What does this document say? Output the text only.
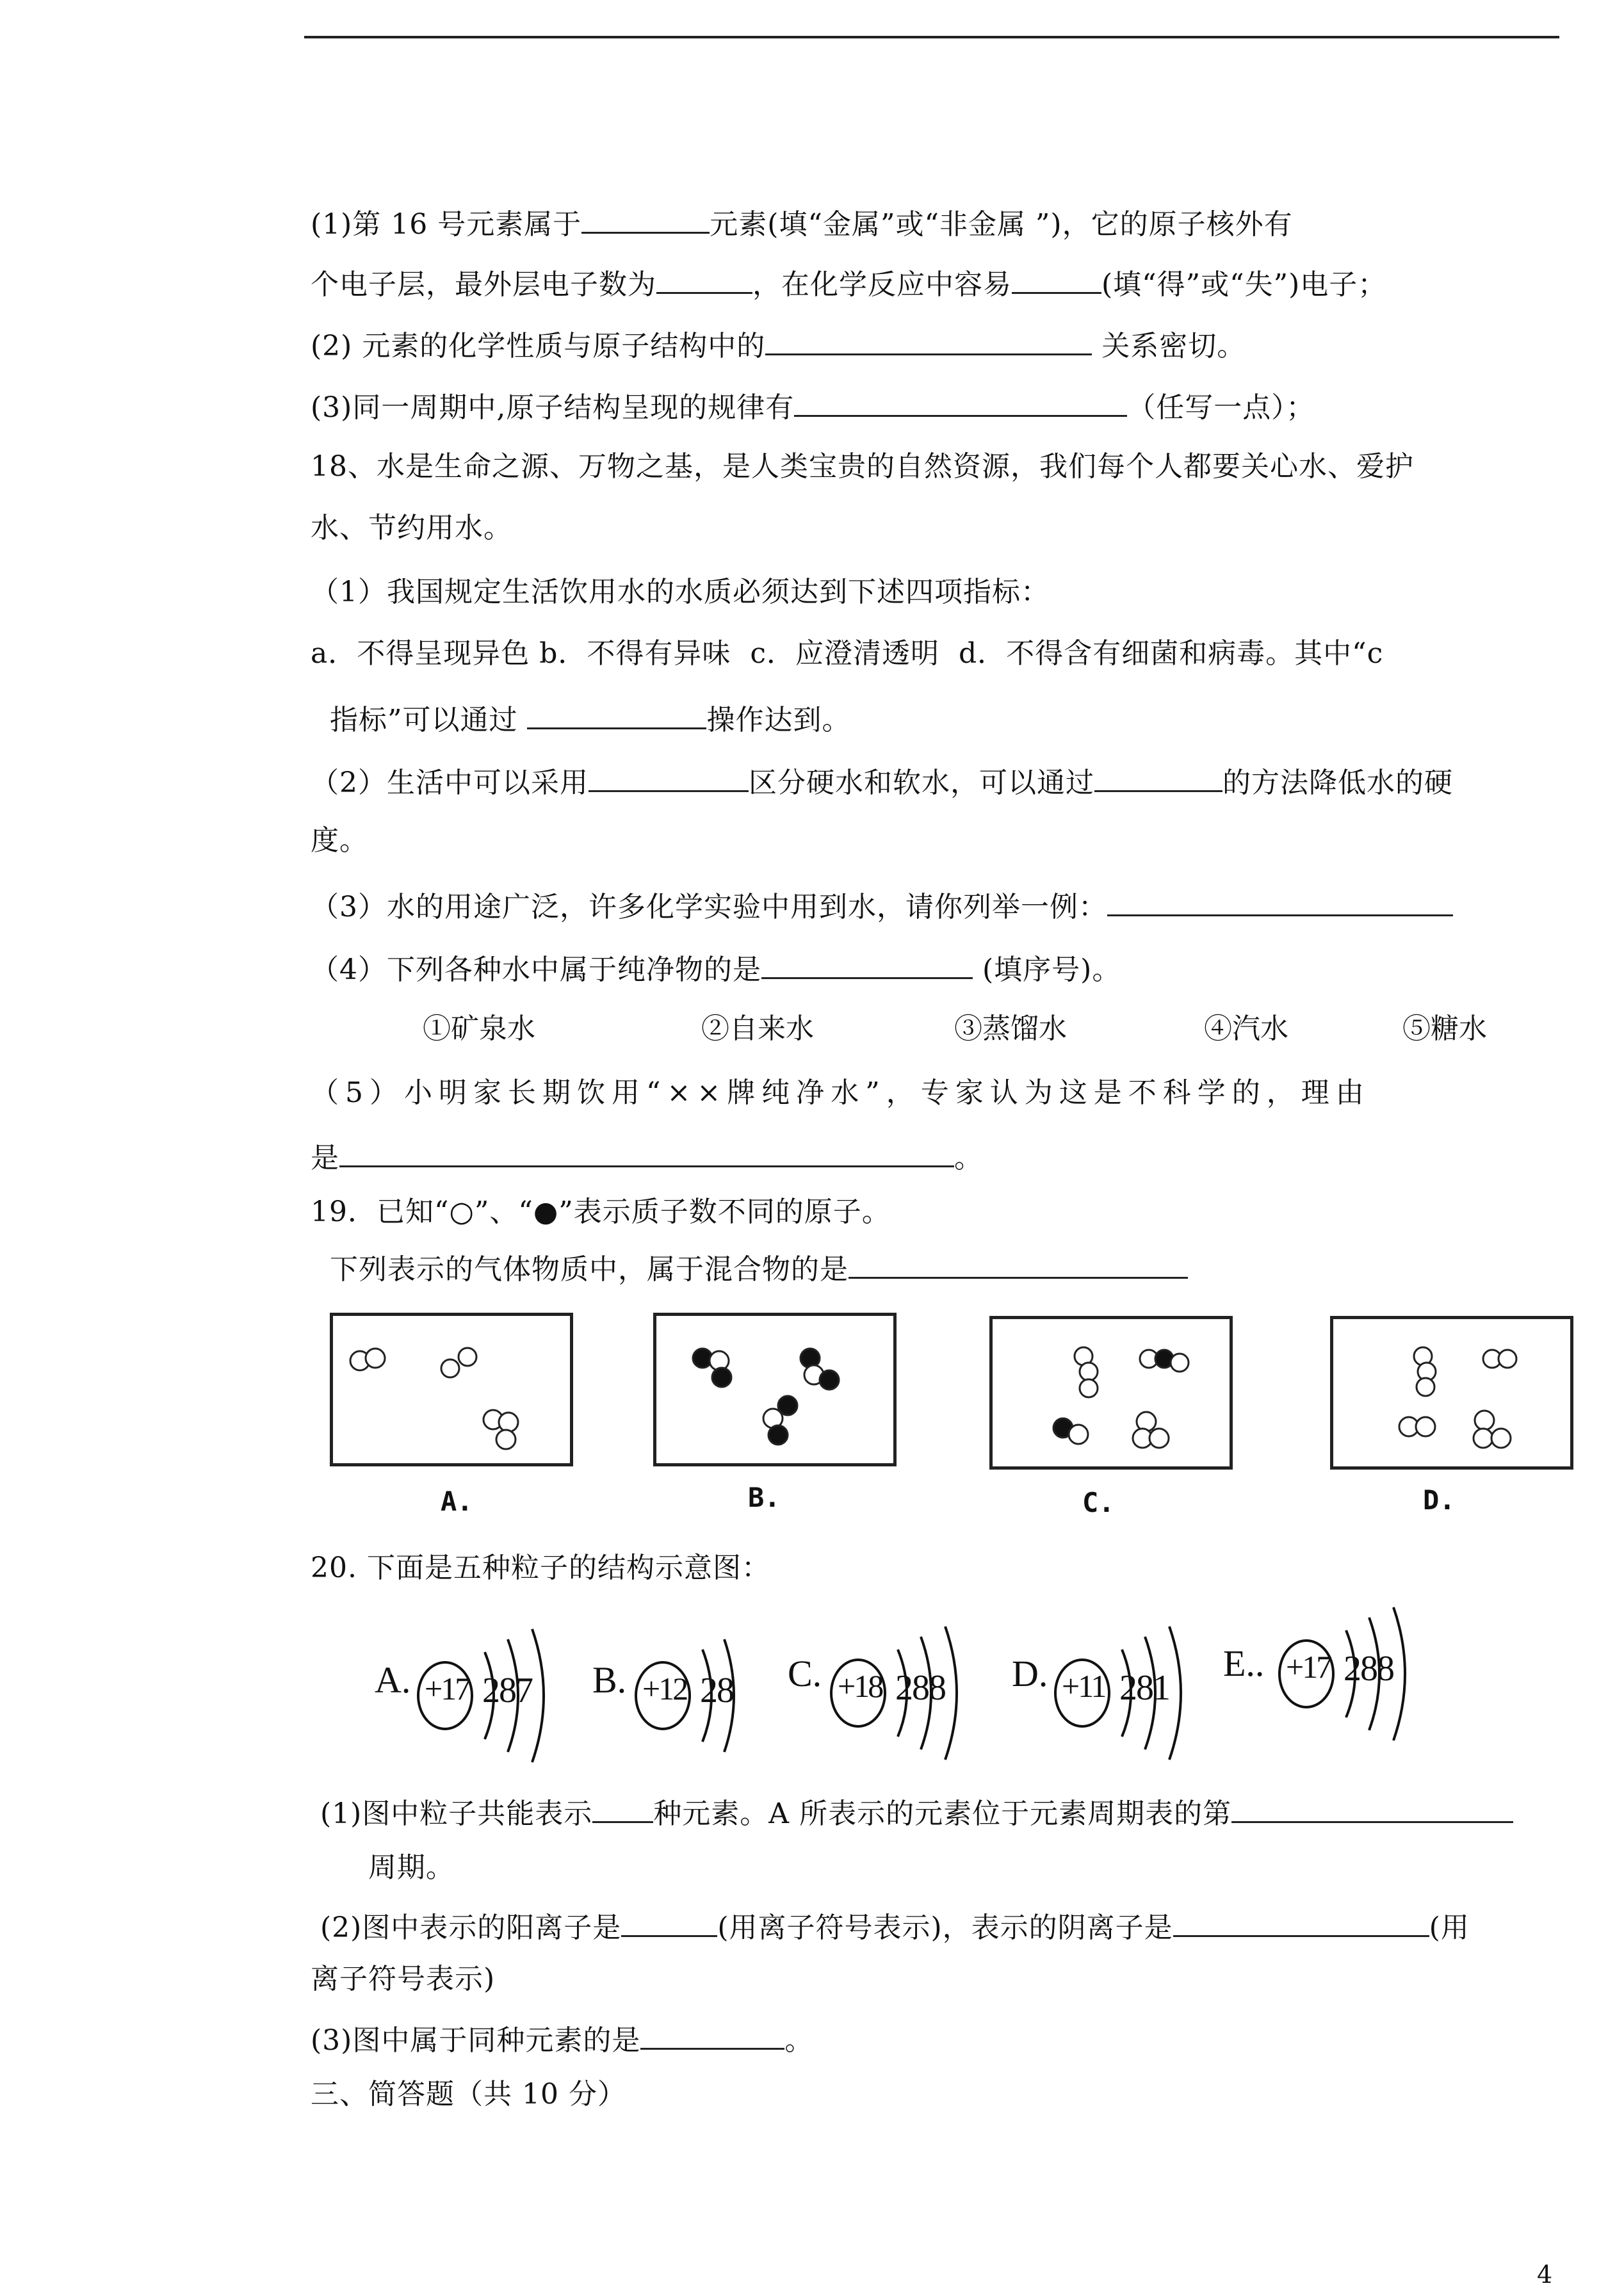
(1)第 16 号元素属于	元素(填“金属”或“非金属 ”)，它的原子核外有
个电子层，最外层电子数为	，在化学反应中容易	(填“得”或“失”)电子；
(2) 元素的化学性质与原子结构中的	关系密切。
(3)同一周期中,原子结构呈现的规律有	（任写一点）；
18、水是生命之源、万物之基，是人类宝贵的自然资源，我们每个人都要关心水、爱护
水、节约用水。
（1）我国规定生活饮用水的水质必须达到下述四项指标：
a．不得呈现异色 b．不得有异味  c．应澄清透明  d．不得含有细菌和病毒。其中“c
指标”可以通过	操作达到。
（2）生活中可以采用	区分硬水和软水，可以通过	的方法降低水的硬
度。
（3）水的用途广泛，许多化学实验中用到水，请你列举一例：
（4）下列各种水中属于纯净物的是	(填序号)。
①矿泉水	②自来水	③蒸馏水	④汽水	⑤糖水
（5）小明家长期饮用“××牌纯净水”，专家认为这是不科学的，理由
是	。
19．已知“○”、“●”表示质子数不同的原子。
下列表示的气体物质中，属于混合物的是
A.	B.	C.	D.
20. 下面是五种粒子的结构示意图：
A. +17 287 B. +12 28 C. +18 288 D. +11 281
E.. +17 288
(1)图中粒子共能表示 种元素。A 所表示的元素位于元素周期表的第
周期。
(2)图中表示的阳离子是	(用离子符号表示)，表示的阴离子是	(用
离子符号表示)
(3)图中属于同种元素的是	。
三、简答题（共 10 分）
4
